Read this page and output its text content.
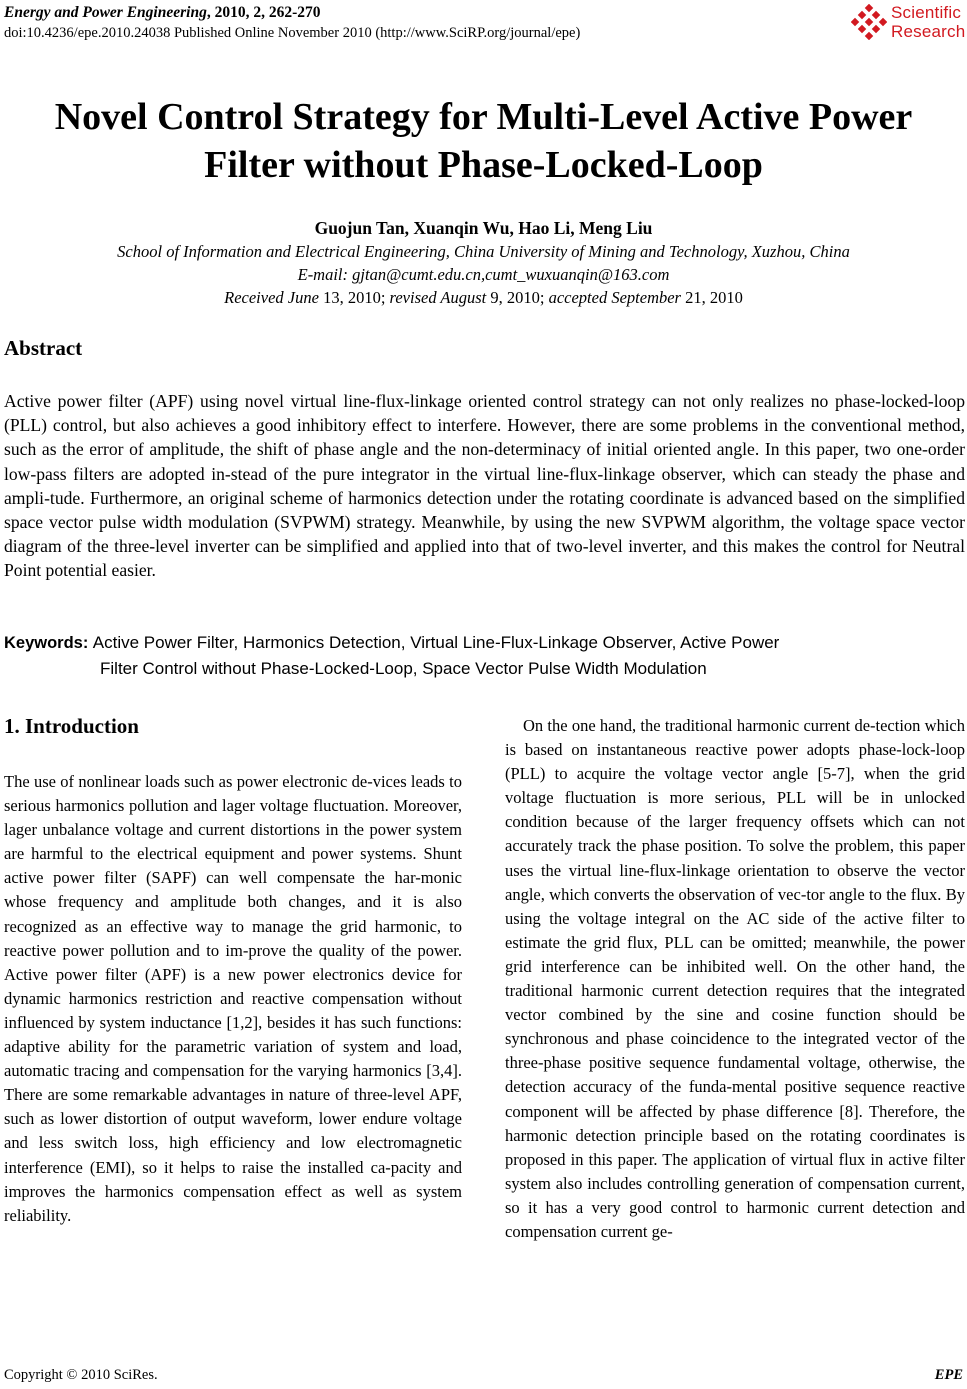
Energy and Power Engineering, 2010, 2, 262-270
doi:10.4236/epe.2010.24038 Published Online November 2010 (http://www.SciRP.org/journal/epe)
Scientific
Research
Novel Control Strategy for Multi-Level Active Power
Filter without Phase-Locked-Loop
Guojun Tan, Xuanqin Wu, Hao Li, Meng Liu
School of Information and Electrical Engineering, China University of Mining and Technology, Xuzhou, China
E-mail: gjtan@cumt.edu.cn,cumt_wuxuanqin@163.com
Received June 13, 2010; revised August 9, 2010; accepted September 21, 2010
Abstract
Active power filter (APF) using novel virtual line-flux-linkage oriented control strategy can not only realizes no phase-locked-loop (PLL) control, but also achieves a good inhibitory effect to interfere. However, there are some problems in the conventional method, such as the error of amplitude, the shift of phase angle and the non-determinacy of initial oriented angle. In this paper, two one-order low-pass filters are adopted in-stead of the pure integrator in the virtual line-flux-linkage observer, which can steady the phase and ampli-tude. Furthermore, an original scheme of harmonics detection under the rotating coordinate is advanced based on the simplified space vector pulse width modulation (SVPWM) strategy. Meanwhile, by using the new SVPWM algorithm, the voltage space vector diagram of the three-level inverter can be simplified and applied into that of two-level inverter, and this makes the control for Neutral Point potential easier.
Keywords: Active Power Filter, Harmonics Detection, Virtual Line-Flux-Linkage Observer, Active Power
Filter Control without Phase-Locked-Loop, Space Vector Pulse Width Modulation
1. Introduction
The use of nonlinear loads such as power electronic de-vices leads to serious harmonics pollution and lager voltage fluctuation. Moreover, lager unbalance voltage and current distortions in the power system are harmful to the electrical equipment and power systems. Shunt active power filter (SAPF) can well compensate the har-monic whose frequency and amplitude both changes, and it is also recognized as an effective way to manage the grid harmonic, to reactive power pollution and to im-prove the quality of the power. Active power filter (APF) is a new power electronics device for dynamic harmonics restriction and reactive compensation without influenced by system inductance [1,2], besides it has such functions: adaptive ability for the parametric variation of system and load, automatic tracing and compensation for the varying harmonics [3,4]. There are some remarkable advantages in nature of three-level APF, such as lower distortion of output waveform, lower endure voltage and less switch loss, high efficiency and low electromagnetic interference (EMI), so it helps to raise the installed ca-pacity and improves the harmonics compensation effect as well as system reliability.
On the one hand, the traditional harmonic current de-tection which is based on instantaneous reactive power adopts phase-lock-loop (PLL) to acquire the voltage vector angle [5-7], when the grid voltage fluctuation is more serious, PLL will be in unlocked condition because of the larger frequency offsets which can not accurately track the phase position. To solve the problem, this paper uses the virtual line-flux-linkage orientation to observe the vector angle, which converts the observation of vec-tor angle to the flux. By using the voltage integral on the AC side of the active filter to estimate the grid flux, PLL can be omitted; meanwhile, the power grid interference can be inhibited well. On the other hand, the traditional harmonic current detection requires that the integrated vector combined by the sine and cosine function should be synchronous and phase coincidence to the integrated vector of the three-phase positive sequence fundamental voltage, otherwise, the detection accuracy of the funda-mental positive sequence reactive component will be affected by phase difference [8]. Therefore, the harmonic detection principle based on the rotating coordinates is proposed in this paper. The application of virtual flux in active filter system also includes controlling generation of compensation current, so it has a very good control to harmonic current detection and compensation current ge-
Copyright © 2010 SciRes.	EPE
